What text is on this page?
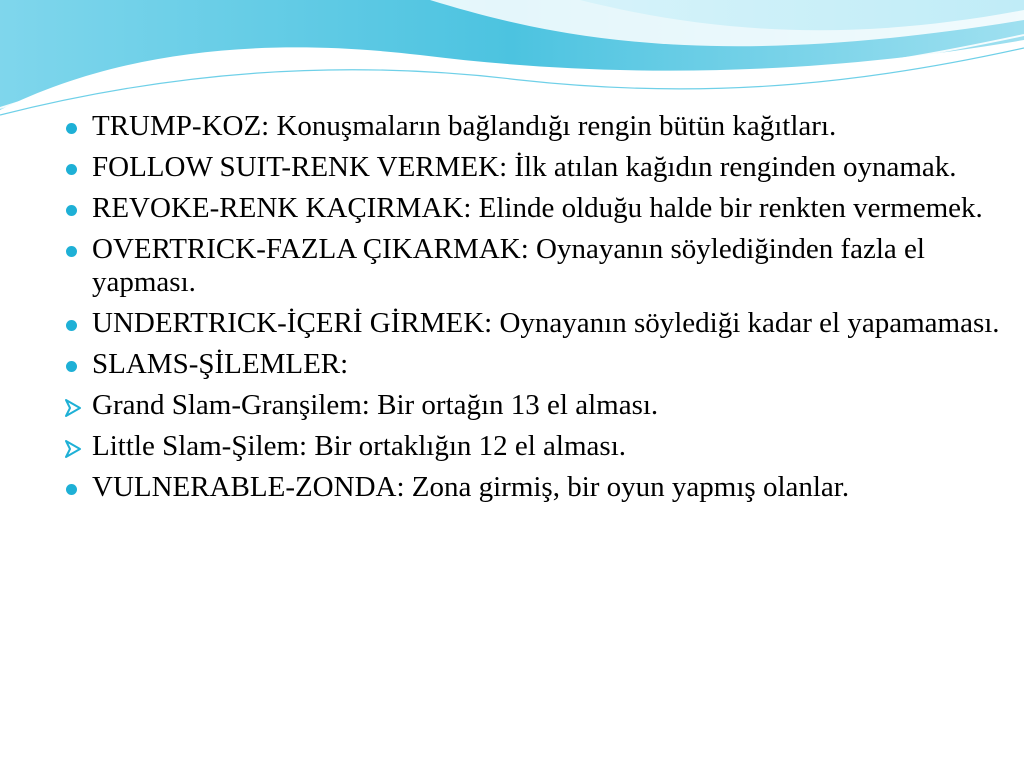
TRUMP-KOZ: Konuşmaların bağlandığı rengin bütün kağıtları.
FOLLOW SUIT-RENK VERMEK: İlk atılan kağıdın renginden oynamak.
REVOKE-RENK KAÇIRMAK: Elinde olduğu halde bir renkten vermemek.
OVERTRICK-FAZLA ÇIKARMAK: Oynayanın söylediğinden fazla el yapması.
UNDERTRICK-İÇERİ GİRMEK: Oynayanın söylediği kadar el yapamaması.
SLAMS-ŞİLEMLER:
Grand Slam-Granşilem: Bir ortağın 13 el alması.
Little Slam-Şilem: Bir ortaklığın 12 el alması.
VULNERABLE-ZONDA: Zona girmiş, bir oyun yapmış olanlar.
